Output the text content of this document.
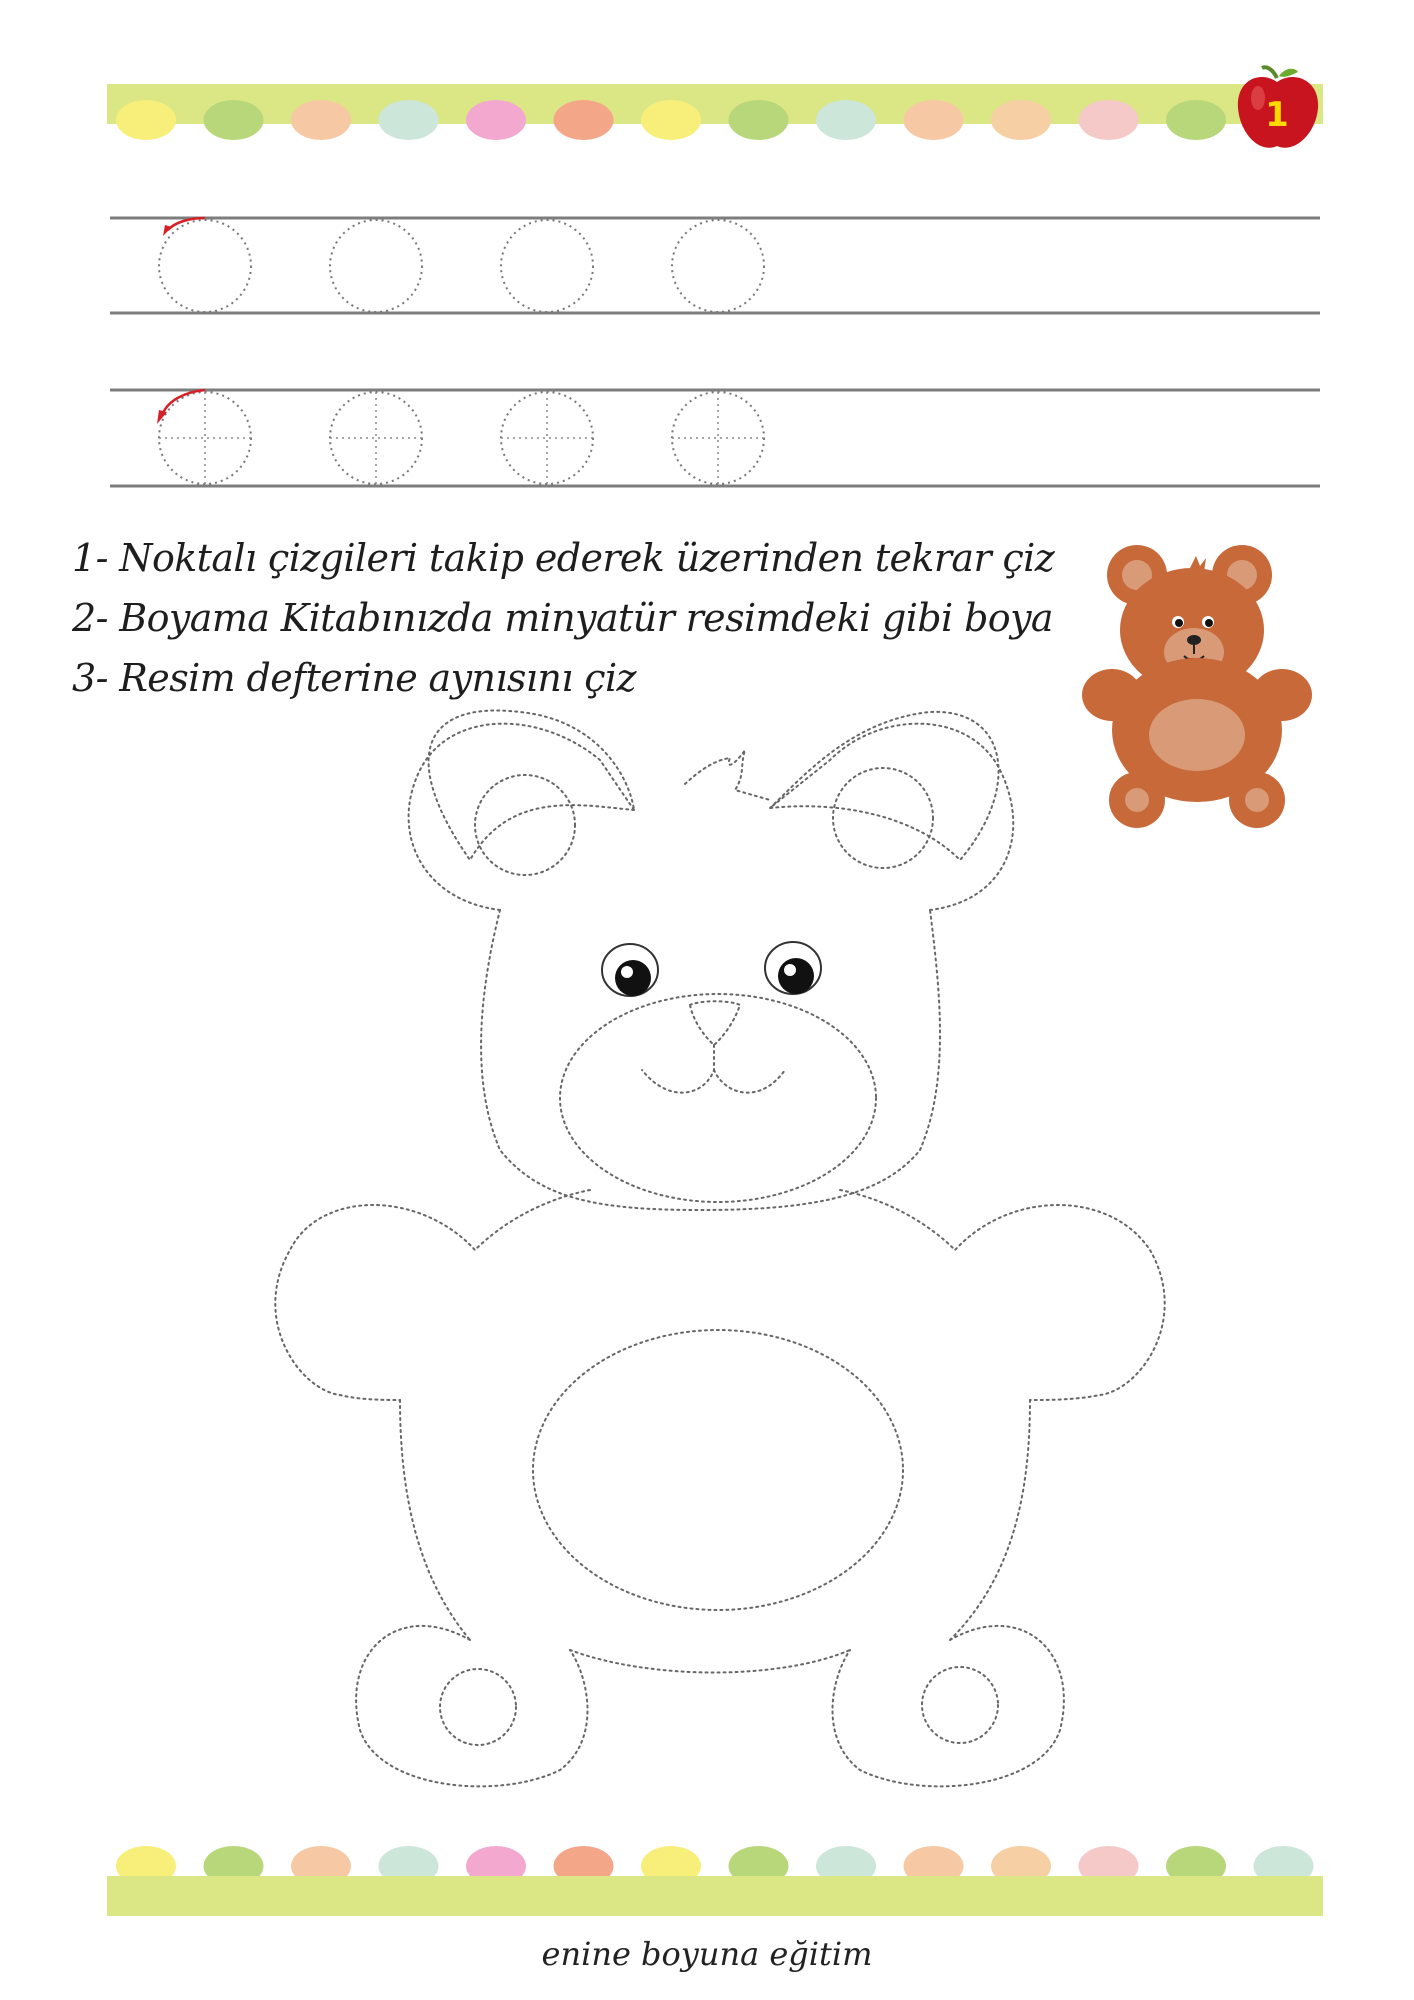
1
1- Noktalı çizgileri takip ederek üzerinden tekrar çiz
2- Boyama Kitabınızda minyatür resimdeki gibi boya
3- Resim defterine aynısını çiz
enine boyuna eğitim
